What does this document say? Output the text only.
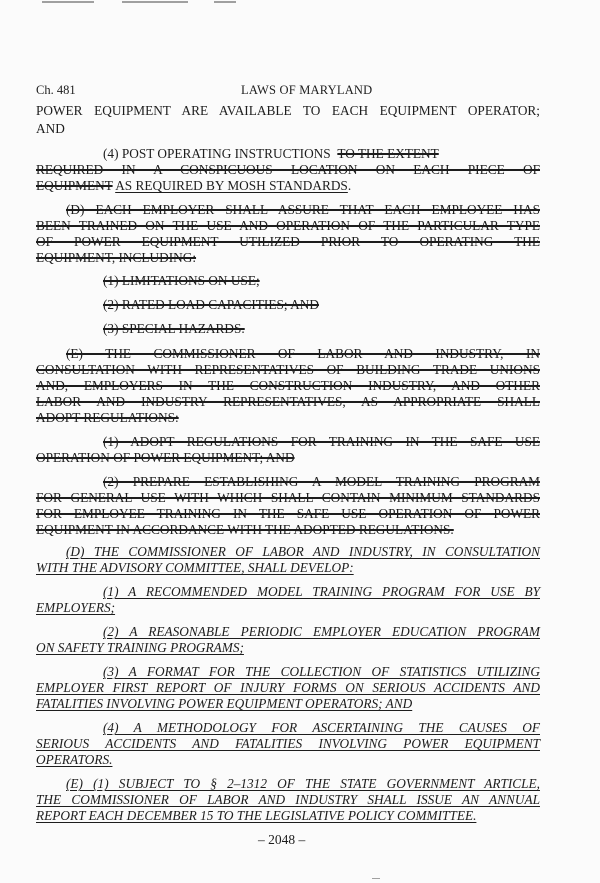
Ch. 481	LAWS OF MARYLAND
POWER EQUIPMENT ARE AVAILABLE TO EACH EQUIPMENT OPERATOR;
AND
(4) POST OPERATING INSTRUCTIONS TO THE EXTENT
REQUIRED IN A CONSPICUOUS LOCATION ON EACH PIECE OF
EQUIPMENT AS REQUIRED BY MOSH STANDARDS.
(D) EACH EMPLOYER SHALL ASSURE THAT EACH EMPLOYEE HAS
BEEN TRAINED ON THE USE AND OPERATION OF THE PARTICULAR TYPE
OF POWER EQUIPMENT UTILIZED PRIOR TO OPERATING THE
EQUIPMENT, INCLUDING:
(1) LIMITATIONS ON USE;
(2) RATED LOAD CAPACITIES; AND
(3) SPECIAL HAZARDS.
(E) THE COMMISSIONER OF LABOR AND INDUSTRY, IN
CONSULTATION WITH REPRESENTATIVES OF BUILDING TRADE UNIONS
AND, EMPLOYERS IN THE CONSTRUCTION INDUSTRY, AND OTHER
LABOR AND INDUSTRY REPRESENTATIVES, AS APPROPRIATE SHALL
ADOPT REGULATIONS:
(1) ADOPT REGULATIONS FOR TRAINING IN THE SAFE USE
OPERATION OF POWER EQUIPMENT; AND
(2) PREPARE ESTABLISHING A MODEL TRAINING PROGRAM
FOR GENERAL USE WITH WHICH SHALL CONTAIN MINIMUM STANDARDS
FOR EMPLOYEE TRAINING IN THE SAFE USE OPERATION OF POWER
EQUIPMENT IN ACCORDANCE WITH THE ADOPTED REGULATIONS.
(D) THE COMMISSIONER OF LABOR AND INDUSTRY, IN CONSULTATION
WITH THE ADVISORY COMMITTEE, SHALL DEVELOP:
(1) A RECOMMENDED MODEL TRAINING PROGRAM FOR USE BY
EMPLOYERS;
(2) A REASONABLE PERIODIC EMPLOYER EDUCATION PROGRAM
ON SAFETY TRAINING PROGRAMS;
(3) A FORMAT FOR THE COLLECTION OF STATISTICS UTILIZING
EMPLOYER FIRST REPORT OF INJURY FORMS ON SERIOUS ACCIDENTS AND
FATALITIES INVOLVING POWER EQUIPMENT OPERATORS; AND
(4) A METHODOLOGY FOR ASCERTAINING THE CAUSES OF
SERIOUS ACCIDENTS AND FATALITIES INVOLVING POWER EQUIPMENT
OPERATORS.
(E) (1) SUBJECT TO § 2–1312 OF THE STATE GOVERNMENT ARTICLE,
THE COMMISSIONER OF LABOR AND INDUSTRY SHALL ISSUE AN ANNUAL
REPORT EACH DECEMBER 15 TO THE LEGISLATIVE POLICY COMMITTEE.
– 2048 –
